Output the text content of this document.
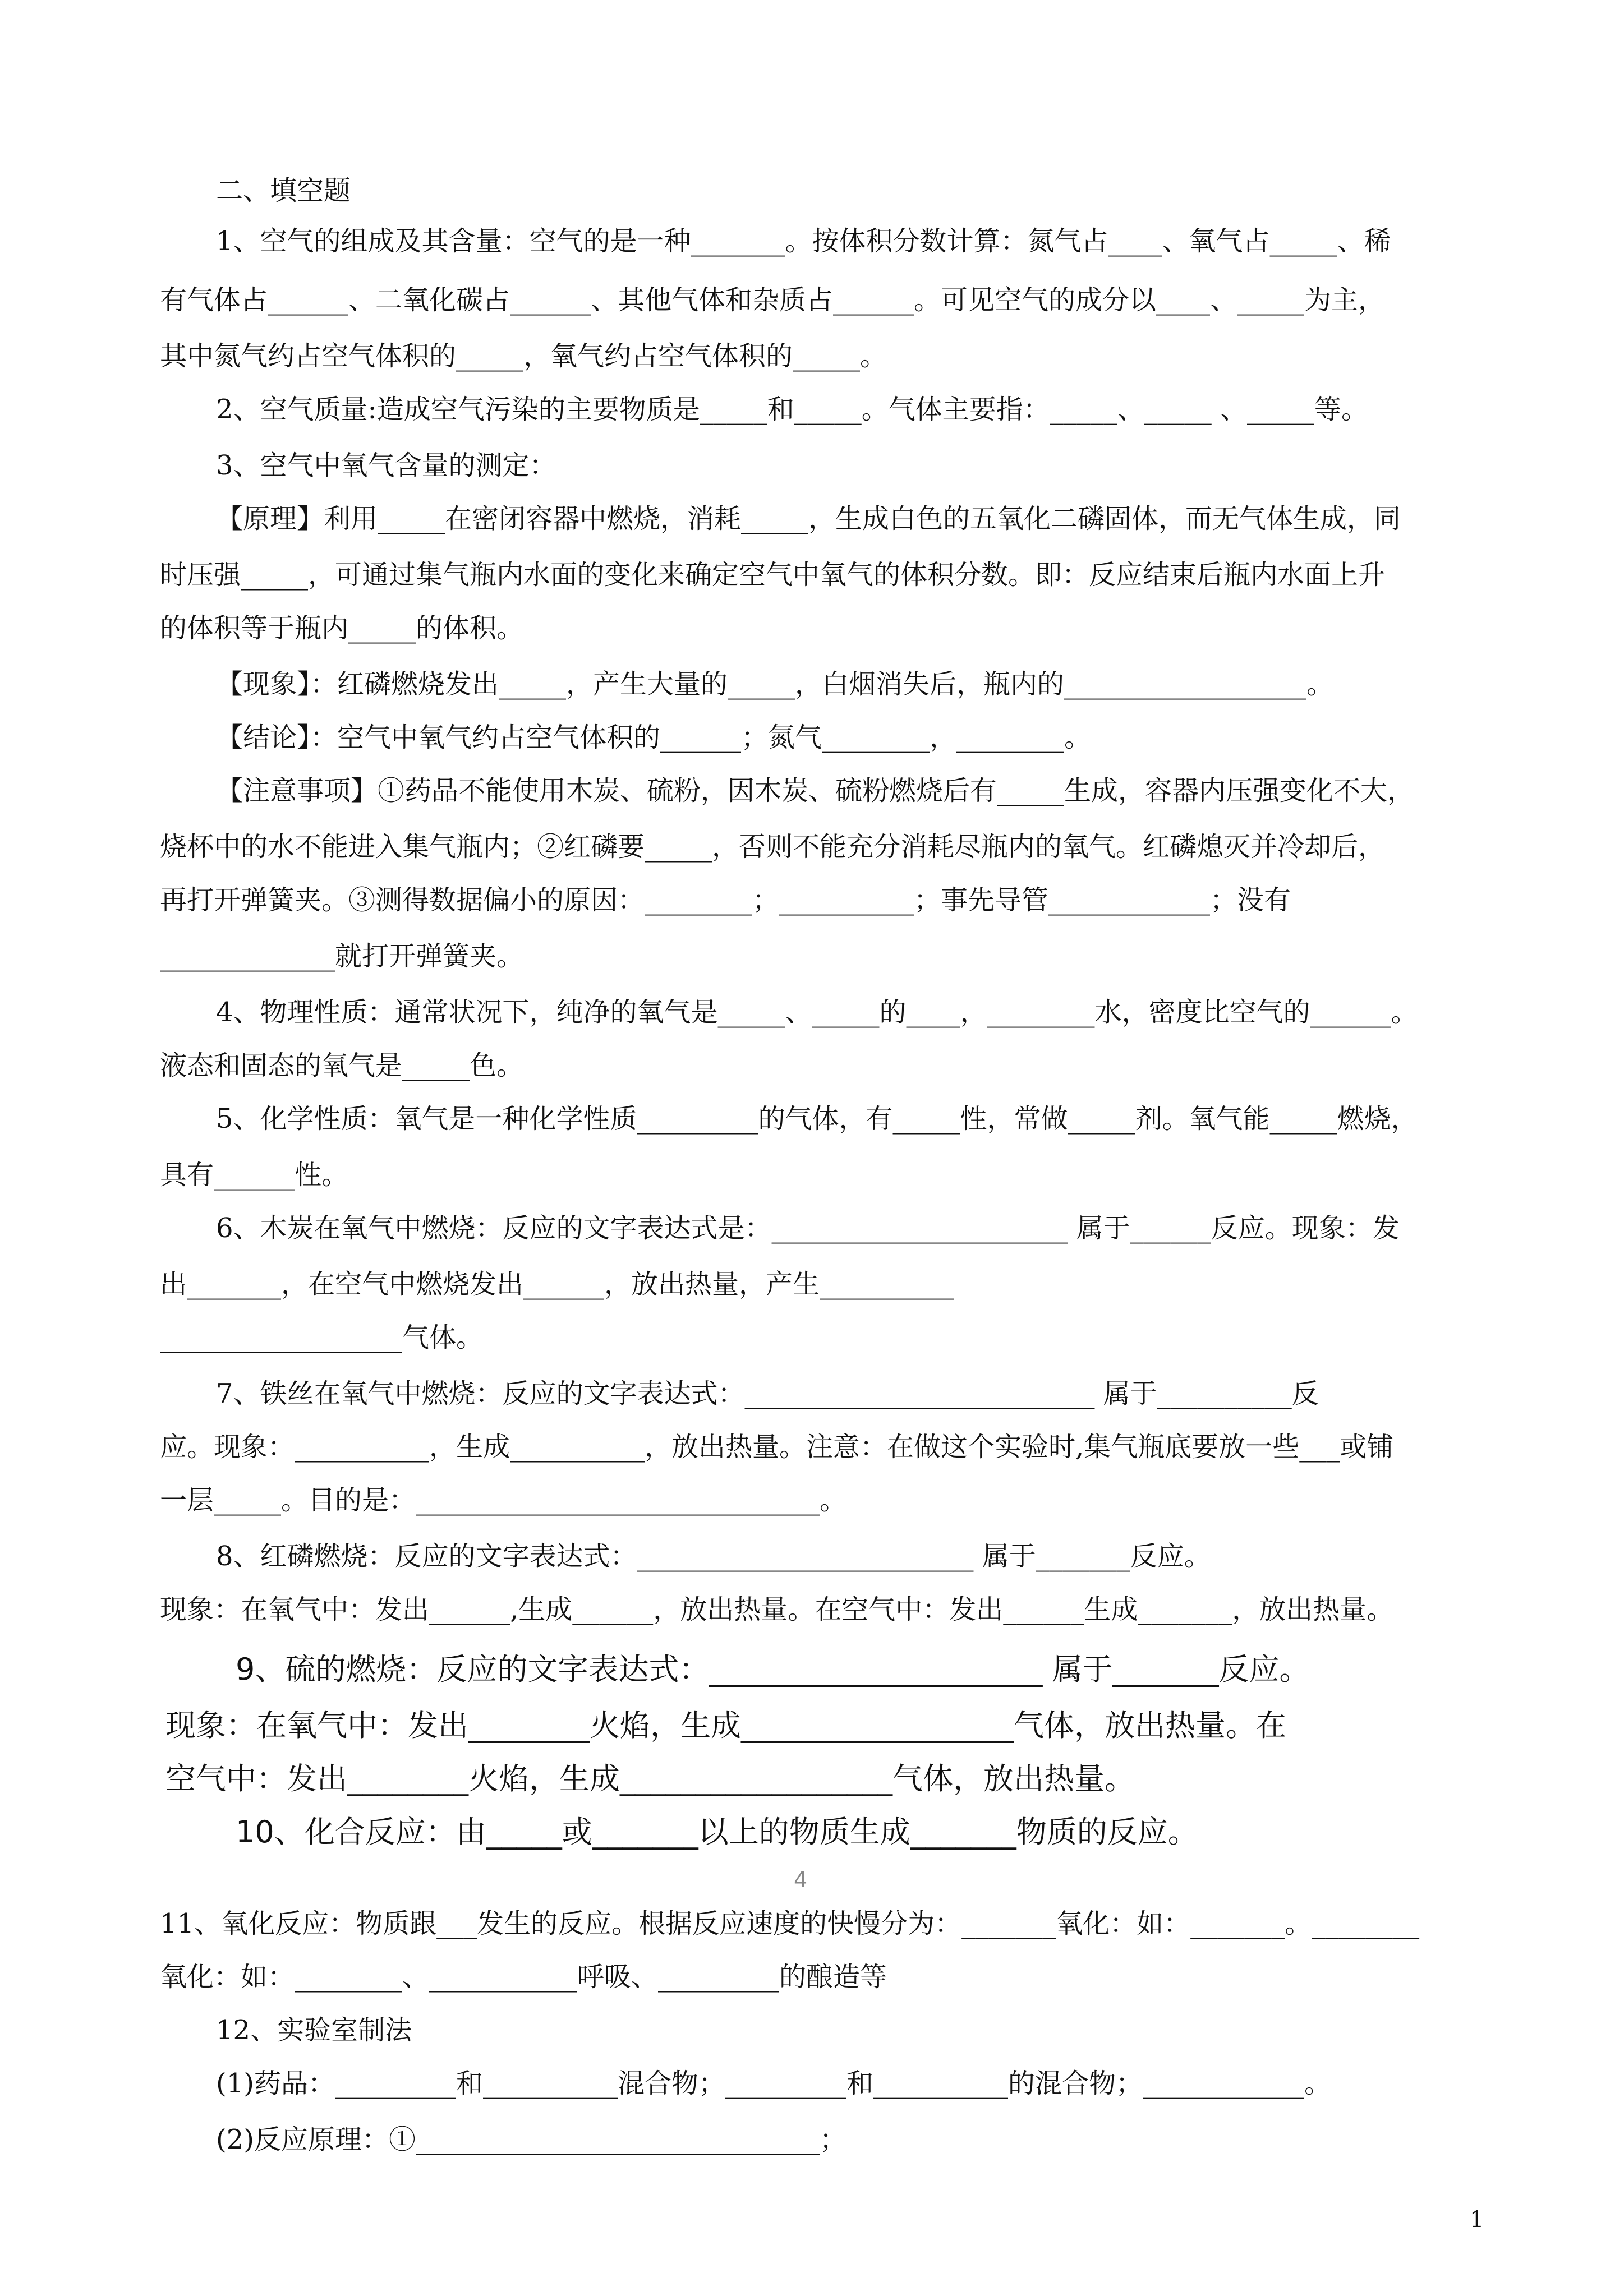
二、填空题
1、空气的组成及其含量：空气的是一种_______。按体积分数计算：氮气占____、氧气占_____、稀
有气体占______、二氧化碳占______、其他气体和杂质占______。可见空气的成分以____、_____为主，
其中氮气约占空气体积的_____，氧气约占空气体积的_____。
2、空气质量:造成空气污染的主要物质是_____和_____。气体主要指：_____、_____ 、_____等。
3、空气中氧气含量的测定：
【原理】利用_____在密闭容器中燃烧，消耗_____，生成白色的五氧化二磷固体，而无气体生成，同
时压强_____，可通过集气瓶内水面的变化来确定空气中氧气的体积分数。即：反应结束后瓶内水面上升
的体积等于瓶内_____的体积。
【现象】：红磷燃烧发出_____，产生大量的_____，白烟消失后，瓶内的__________________。
【结论】：空气中氧气约占空气体积的______；氮气________，________。
【注意事项】①药品不能使用木炭、硫粉，因木炭、硫粉燃烧后有_____生成，容器内压强变化不大，
烧杯中的水不能进入集气瓶内；②红磷要_____，否则不能充分消耗尽瓶内的氧气。红磷熄灭并冷却后，
再打开弹簧夹。③测得数据偏小的原因：________；__________；事先导管____________；没有
_____________就打开弹簧夹。
4、物理性质：通常状况下，纯净的氧气是_____、_____的____，________水，密度比空气的______。
液态和固态的氧气是_____色。
5、化学性质：氧气是一种化学性质_________的气体，有_____性，常做_____剂。氧气能_____燃烧，
具有______性。
6、木炭在氧气中燃烧：反应的文字表达式是：______________________ 属于______反应。现象：发
出_______，在空气中燃烧发出______，放出热量，产生__________
__________________气体。
7、铁丝在氧气中燃烧：反应的文字表达式：__________________________ 属于__________反
应。现象：__________，生成__________，放出热量。注意：在做这个实验时,集气瓶底要放一些___或铺
一层_____。目的是：______________________________。
8、红磷燃烧：反应的文字表达式：_________________________ 属于_______反应。
现象：在氧气中：发出______,生成______，放出热量。在空气中：发出______生成_______，放出热量。
9、硫的燃烧：反应的文字表达式：______________________ 属于_______反应。
现象：在氧气中：发出________火焰，生成__________________气体，放出热量。在
空气中：发出________火焰，生成__________________气体，放出热量。
10、化合反应：由_____或_______以上的物质生成_______物质的反应。
11、氧化反应：物质跟___发生的反应。根据反应速度的快慢分为：_______氧化：如：_______。________
氧化：如：________、___________呼吸、_________的酿造等
12、实验室制法
(1)药品：_________和__________混合物；_________和__________的混合物；____________。
(2)反应原理：①______________________________；
4
1
